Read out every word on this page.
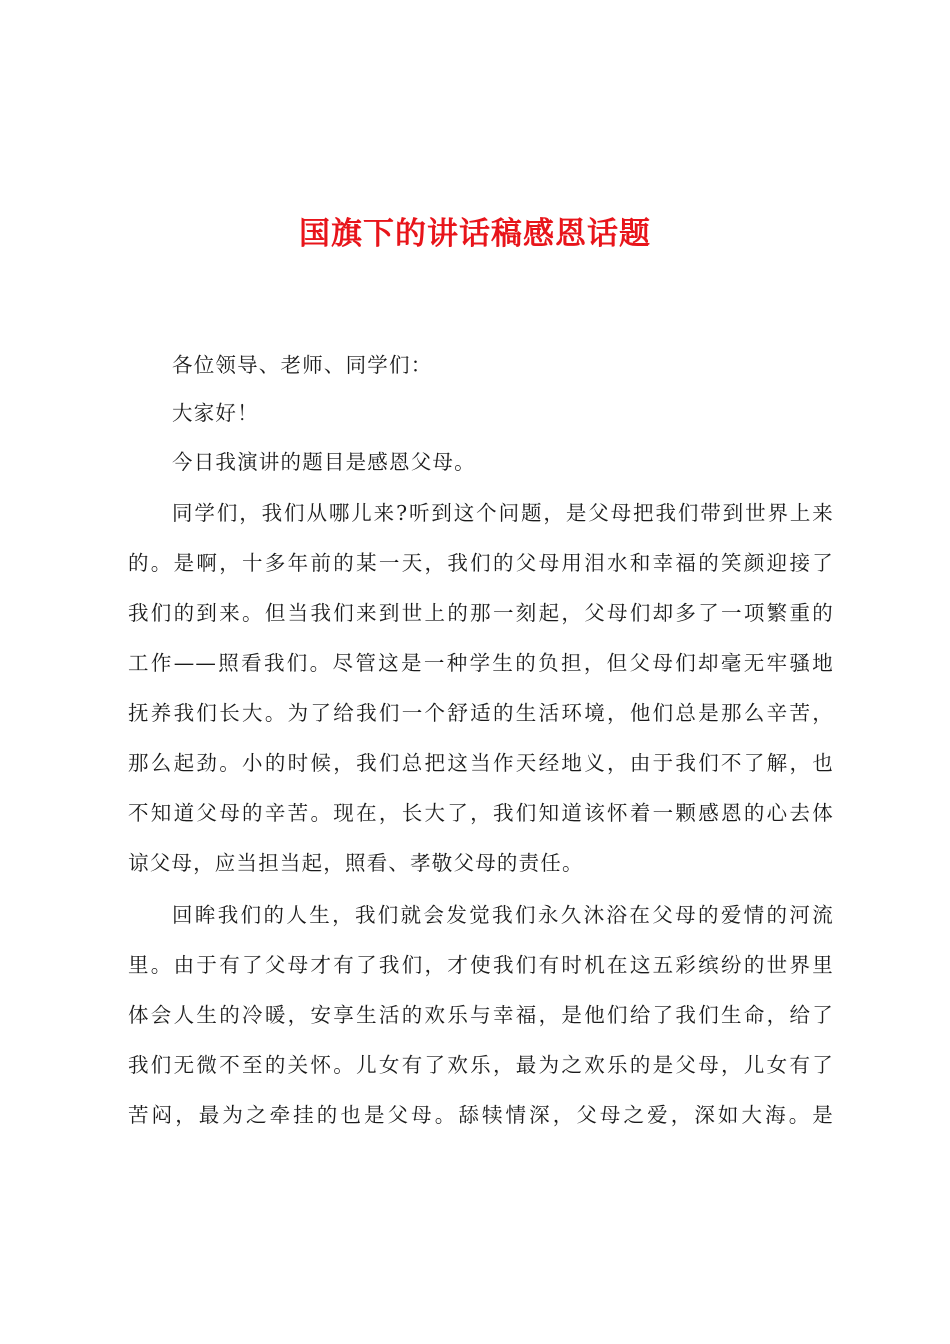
国旗下的讲话稿感恩话题
各位领导、老师、同学们：
大家好！
今日我演讲的题目是感恩父母。
同学们，我们从哪儿来?听到这个问题，是父母把我们带到世界上来
的。是啊，十多年前的某一天，我们的父母用泪水和幸福的笑颜迎接了
我们的到来。但当我们来到世上的那一刻起，父母们却多了一项繁重的
工作——照看我们。尽管这是一种学生的负担，但父母们却毫无牢骚地
抚养我们长大。为了给我们一个舒适的生活环境，他们总是那么辛苦，
那么起劲。小的时候，我们总把这当作天经地义，由于我们不了解，也
不知道父母的辛苦。现在，长大了，我们知道该怀着一颗感恩的心去体
谅父母，应当担当起，照看、孝敬父母的责任。
回眸我们的人生，我们就会发觉我们永久沐浴在父母的爱情的河流
里。由于有了父母才有了我们，才使我们有时机在这五彩缤纷的世界里
体会人生的冷暖，安享生活的欢乐与幸福，是他们给了我们生命，给了
我们无微不至的关怀。儿女有了欢乐，最为之欢乐的是父母，儿女有了
苦闷，最为之牵挂的也是父母。舔犊情深，父母之爱，深如大海。是
